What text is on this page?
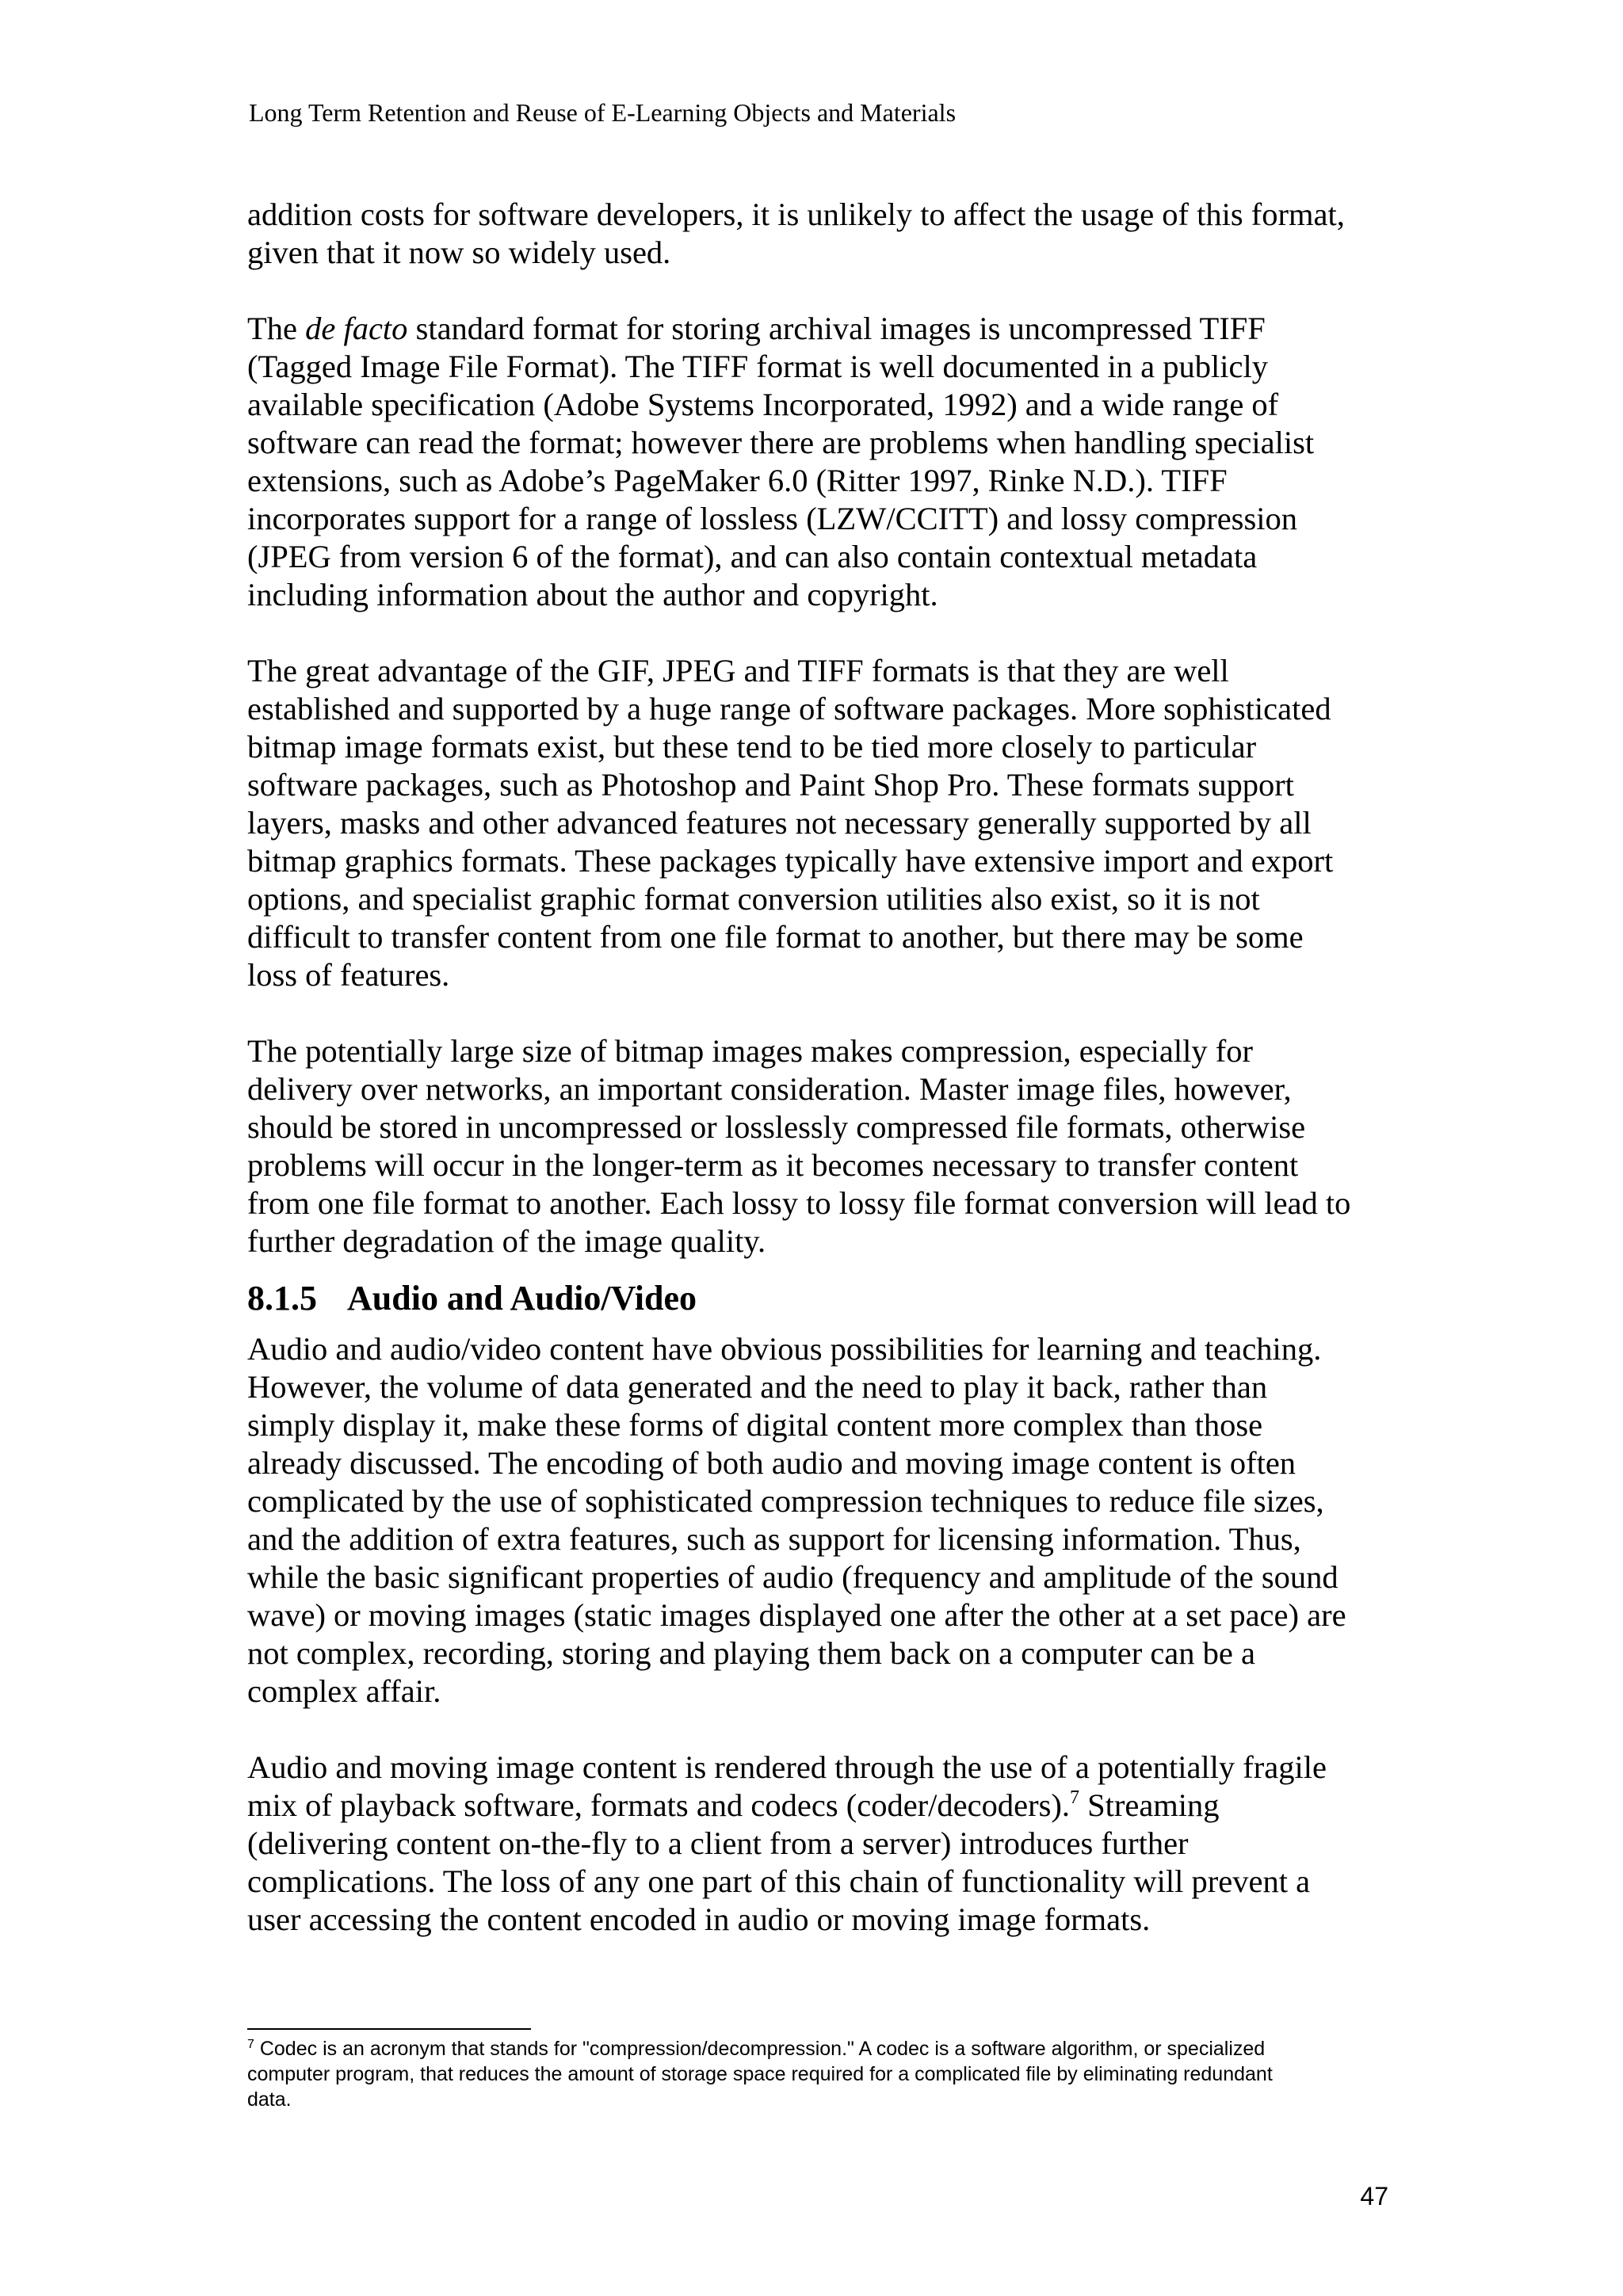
Long Term Retention and Reuse of E-Learning Objects and Materials

addition costs for software developers, it is unlikely to affect the usage of this format,
given that it now so widely used.

The de facto standard format for storing archival images is uncompressed TIFF
(Tagged Image File Format). The TIFF format is well documented in a publicly
available specification (Adobe Systems Incorporated, 1992) and a wide range of
software can read the format; however there are problems when handling specialist
extensions, such as Adobe’s PageMaker 6.0 (Ritter 1997, Rinke N.D.). TIFF
incorporates support for a range of lossless (LZW/CCITT) and lossy compression
(JPEG from version 6 of the format), and can also contain contextual metadata
including information about the author and copyright.

The great advantage of the GIF, JPEG and TIFF formats is that they are well
established and supported by a huge range of software packages. More sophisticated
bitmap image formats exist, but these tend to be tied more closely to particular
software packages, such as Photoshop and Paint Shop Pro. These formats support
layers, masks and other advanced features not necessary generally supported by all
bitmap graphics formats. These packages typically have extensive import and export
options, and specialist graphic format conversion utilities also exist, so it is not
difficult to transfer content from one file format to another, but there may be some
loss of features.

The potentially large size of bitmap images makes compression, especially for
delivery over networks, an important consideration. Master image files, however,
should be stored in uncompressed or losslessly compressed file formats, otherwise
problems will occur in the longer-term as it becomes necessary to transfer content
from one file format to another. Each lossy to lossy file format conversion will lead to
further degradation of the image quality.

8.1.5 Audio and Audio/Video

Audio and audio/video content have obvious possibilities for learning and teaching.
However, the volume of data generated and the need to play it back, rather than
simply display it, make these forms of digital content more complex than those
already discussed. The encoding of both audio and moving image content is often
complicated by the use of sophisticated compression techniques to reduce file sizes,
and the addition of extra features, such as support for licensing information. Thus,
while the basic significant properties of audio (frequency and amplitude of the sound
wave) or moving images (static images displayed one after the other at a set pace) are
not complex, recording, storing and playing them back on a computer can be a
complex affair.

Audio and moving image content is rendered through the use of a potentially fragile
mix of playback software, formats and codecs (coder/decoders).$^7$ Streaming
(delivering content on-the-fly to a client from a server) introduces further
complications. The loss of any one part of this chain of functionality will prevent a
user accessing the content encoded in audio or moving image formats.

$^7$ Codec is an acronym that stands for "compression/decompression." A codec is a software algorithm, or specialized
computer program, that reduces the amount of storage space required for a complicated file by eliminating redundant
data.
47
